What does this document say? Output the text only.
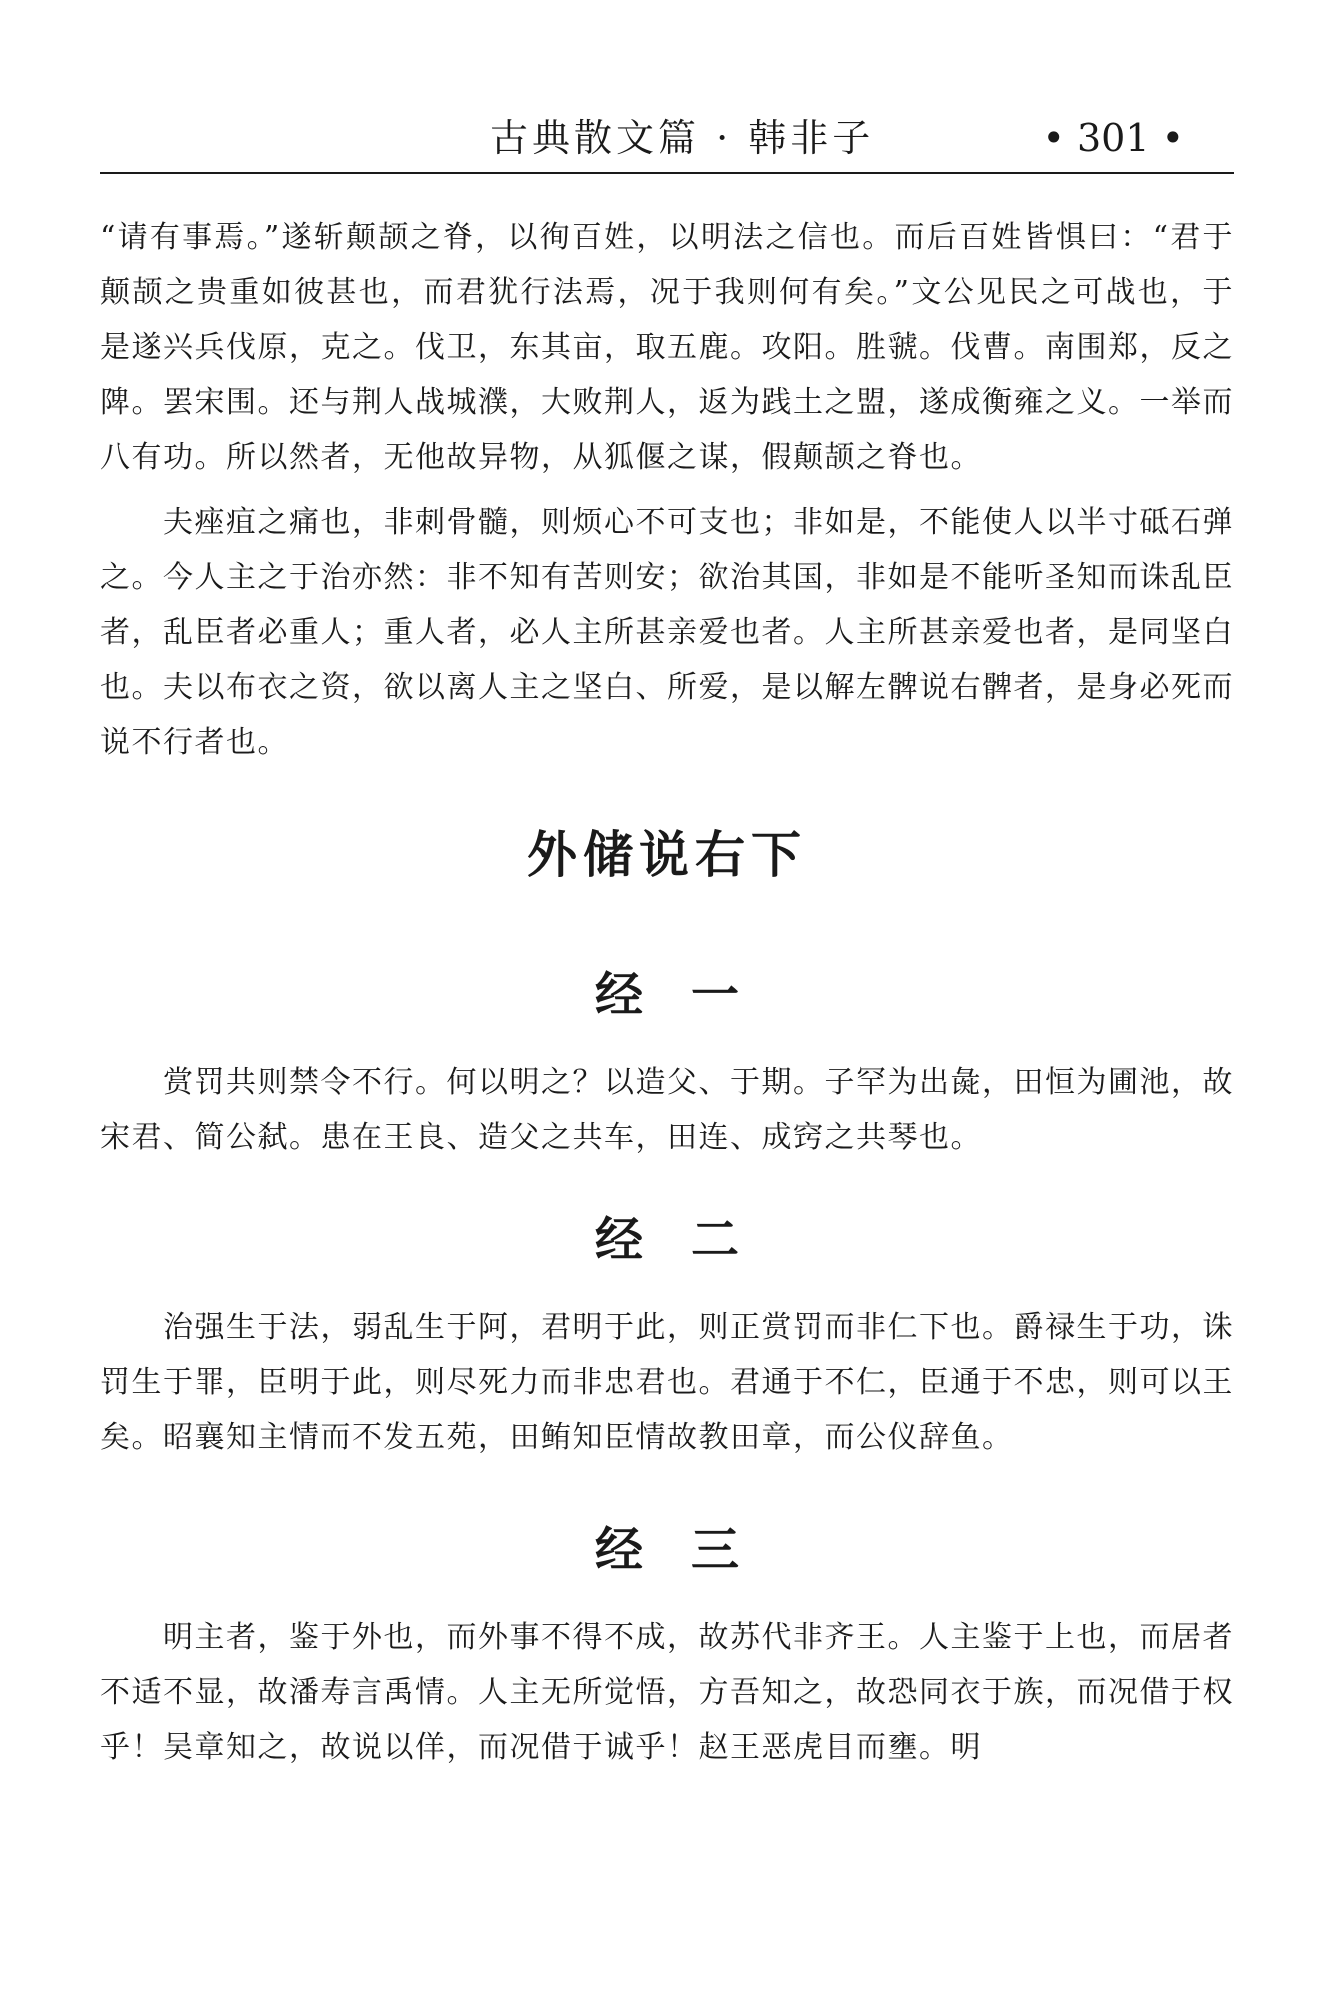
古典散文篇 · 韩非子	• 301 •

“请有事焉。”遂斩颠颉之脊，以徇百姓，以明法之信也。而后百姓皆惧曰：“君于颠颉之贵重如彼甚也，而君犹行法焉，况于我则何有矣。”文公见民之可战也，于是遂兴兵伐原，克之。伐卫，东其亩，取五鹿。攻阳。胜虢。伐曹。南围郑，反之陴。罢宋围。还与荆人战城濮，大败荆人，返为践土之盟，遂成衡雍之义。一举而八有功。所以然者，无他故异物，从狐偃之谋，假颠颉之脊也。

　　夫痤疽之痛也，非刺骨髓，则烦心不可支也；非如是，不能使人以半寸砥石弹之。今人主之于治亦然：非不知有苦则安；欲治其国，非如是不能听圣知而诛乱臣者，乱臣者必重人；重人者，必人主所甚亲爱也者。人主所甚亲爱也者，是同坚白也。夫以布衣之资，欲以离人主之坚白、所爱，是以解左髀说右髀者，是身必死而说不行者也。

外储说右下
经　一

　　赏罚共则禁令不行。何以明之？以造父、于期。子罕为出彘，田恒为圃池，故宋君、简公弑。患在王良、造父之共车，田连、成窍之共琴也。

经　二

　　治强生于法，弱乱生于阿，君明于此，则正赏罚而非仁下也。爵禄生于功，诛罚生于罪，臣明于此，则尽死力而非忠君也。君通于不仁，臣通于不忠，则可以王矣。昭襄知主情而不发五苑，田鲔知臣情故教田章，而公仪辞鱼。

经　三

　　明主者，鉴于外也，而外事不得不成，故苏代非齐王。人主鉴于上也，而居者不适不显，故潘寿言禹情。人主无所觉悟，方吾知之，故恐同衣于族，而况借于权乎！吴章知之，故说以佯，而况借于诚乎！赵王恶虎目而壅。明
